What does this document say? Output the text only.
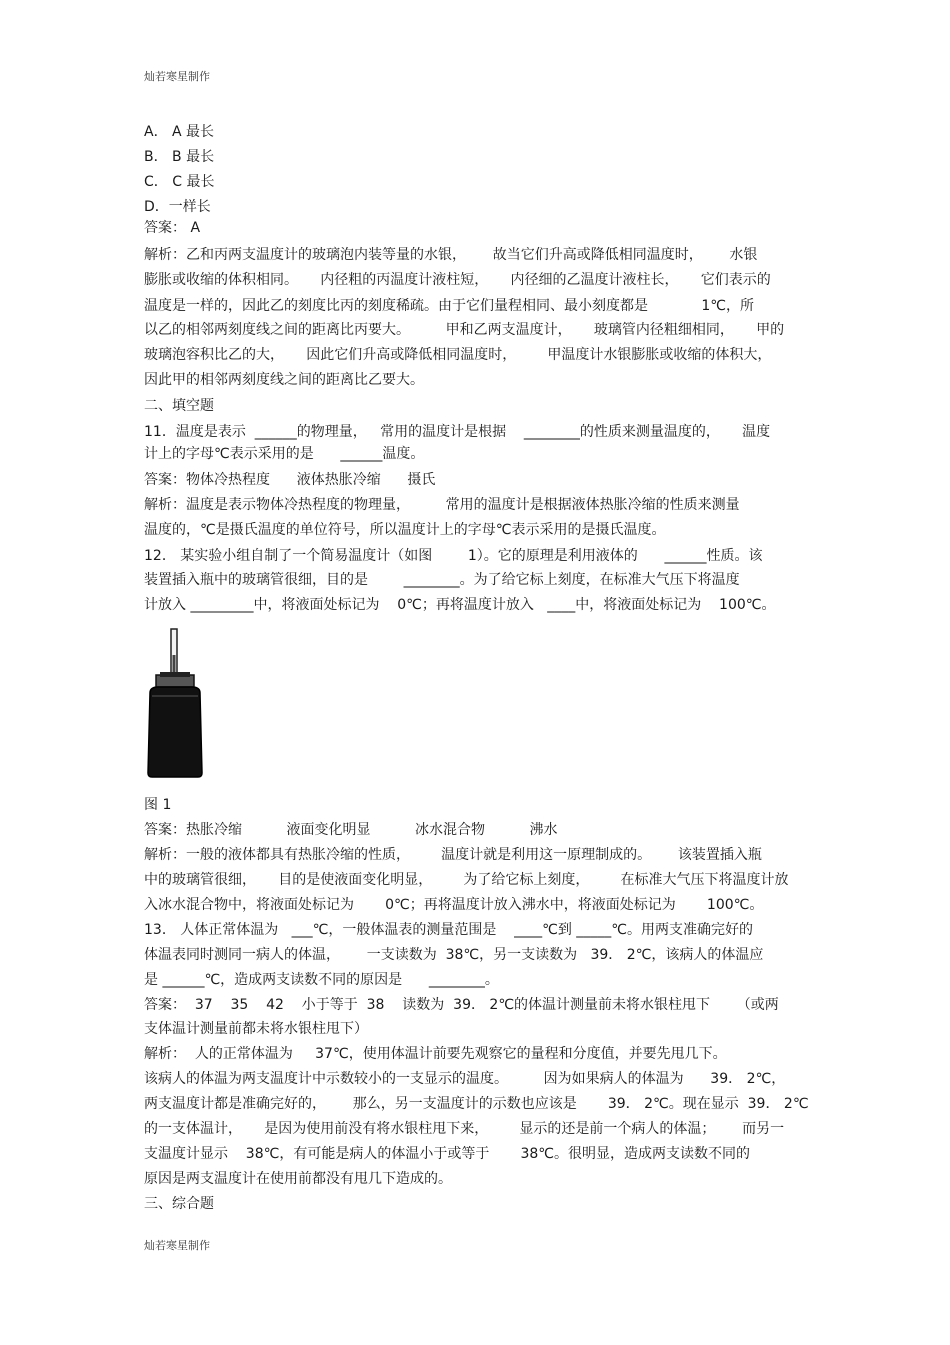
灿若寒星制作
A． A 最长
B． B 最长
C． C 最长
D．一样长
答案： A
解析：乙和丙两支温度计的玻璃泡内装等量的水银，      故当它们升高或降低相同温度时，      水银
膨胀或收缩的体积相同。     内径粗的丙温度计液柱短，     内径细的乙温度计液柱长，     它们表示的
温度是一样的，因此乙的刻度比丙的刻度稀疏。由于它们量程相同、最小刻度都是            1℃，所
以乙的相邻两刻度线之间的距离比丙要大。        甲和乙两支温度计，     玻璃管内径粗细相同，     甲的
玻璃泡容积比乙的大，     因此它们升高或降低相同温度时，       甲温度计水银膨胀或收缩的体积大，
因此甲的相邻两刻度线之间的距离比乙要大。
二、填空题
11．温度是表示  ______的物理量，   常用的温度计是根据    ________的性质来测量温度的，     温度
计上的字母℃表示采用的是      ______温度。
答案：物体冷热程度      液体热胀冷缩      摄氏
解析：温度是表示物体冷热程度的物理量，        常用的温度计是根据液体热胀冷缩的性质来测量
温度的，℃是摄氏温度的单位符号，所以温度计上的字母℃表示采用的是摄氏温度。
12． 某实验小组自制了一个简易温度计（如图        1）。它的原理是利用液体的      ______性质。该
装置插入瓶中的玻璃管很细，目的是        ________。为了给它标上刻度，在标准大气压下将温度
计放入 _________中，将液面处标记为    0℃；再将温度计放入   ____中，将液面处标记为    100℃。
图 1
答案：热胀冷缩          液面变化明显          冰水混合物          沸水
解析：一般的液体都具有热胀冷缩的性质，       温度计就是利用这一原理制成的。      该装置插入瓶
中的玻璃管很细，     目的是使液面变化明显，       为了给它标上刻度，       在标准大气压下将温度计放
入冰水混合物中，将液面处标记为       0℃；再将温度计放入沸水中，将液面处标记为       100℃。
13． 人体正常体温为   ___℃，一般体温表的测量范围是    ____℃到 _____℃。用两支准确完好的
体温表同时测同一病人的体温，      一支读数为  38℃，另一支读数为   39． 2℃，该病人的体温应
是 ______℃，造成两支读数不同的原因是      ________。
答案：  37    35    42    小于等于  38    读数为  39． 2℃的体温计测量前未将水银柱甩下      （或两
支体温计测量前都未将水银柱甩下）
解析：  人的正常体温为     37℃，使用体温计前要先观察它的量程和分度值，并要先甩几下。
该病人的体温为两支温度计中示数较小的一支显示的温度。        因为如果病人的体温为      39． 2℃，
两支温度计都是准确完好的，      那么，另一支温度计的示数也应该是       39． 2℃。现在显示  39． 2℃
的一支体温计，     是因为使用前没有将水银柱甩下来，       显示的还是前一个病人的体温；      而另一
支温度计显示    38℃，有可能是病人的体温小于或等于       38℃。很明显，造成两支读数不同的
原因是两支温度计在使用前都没有甩几下造成的。
三、综合题
灿若寒星制作
